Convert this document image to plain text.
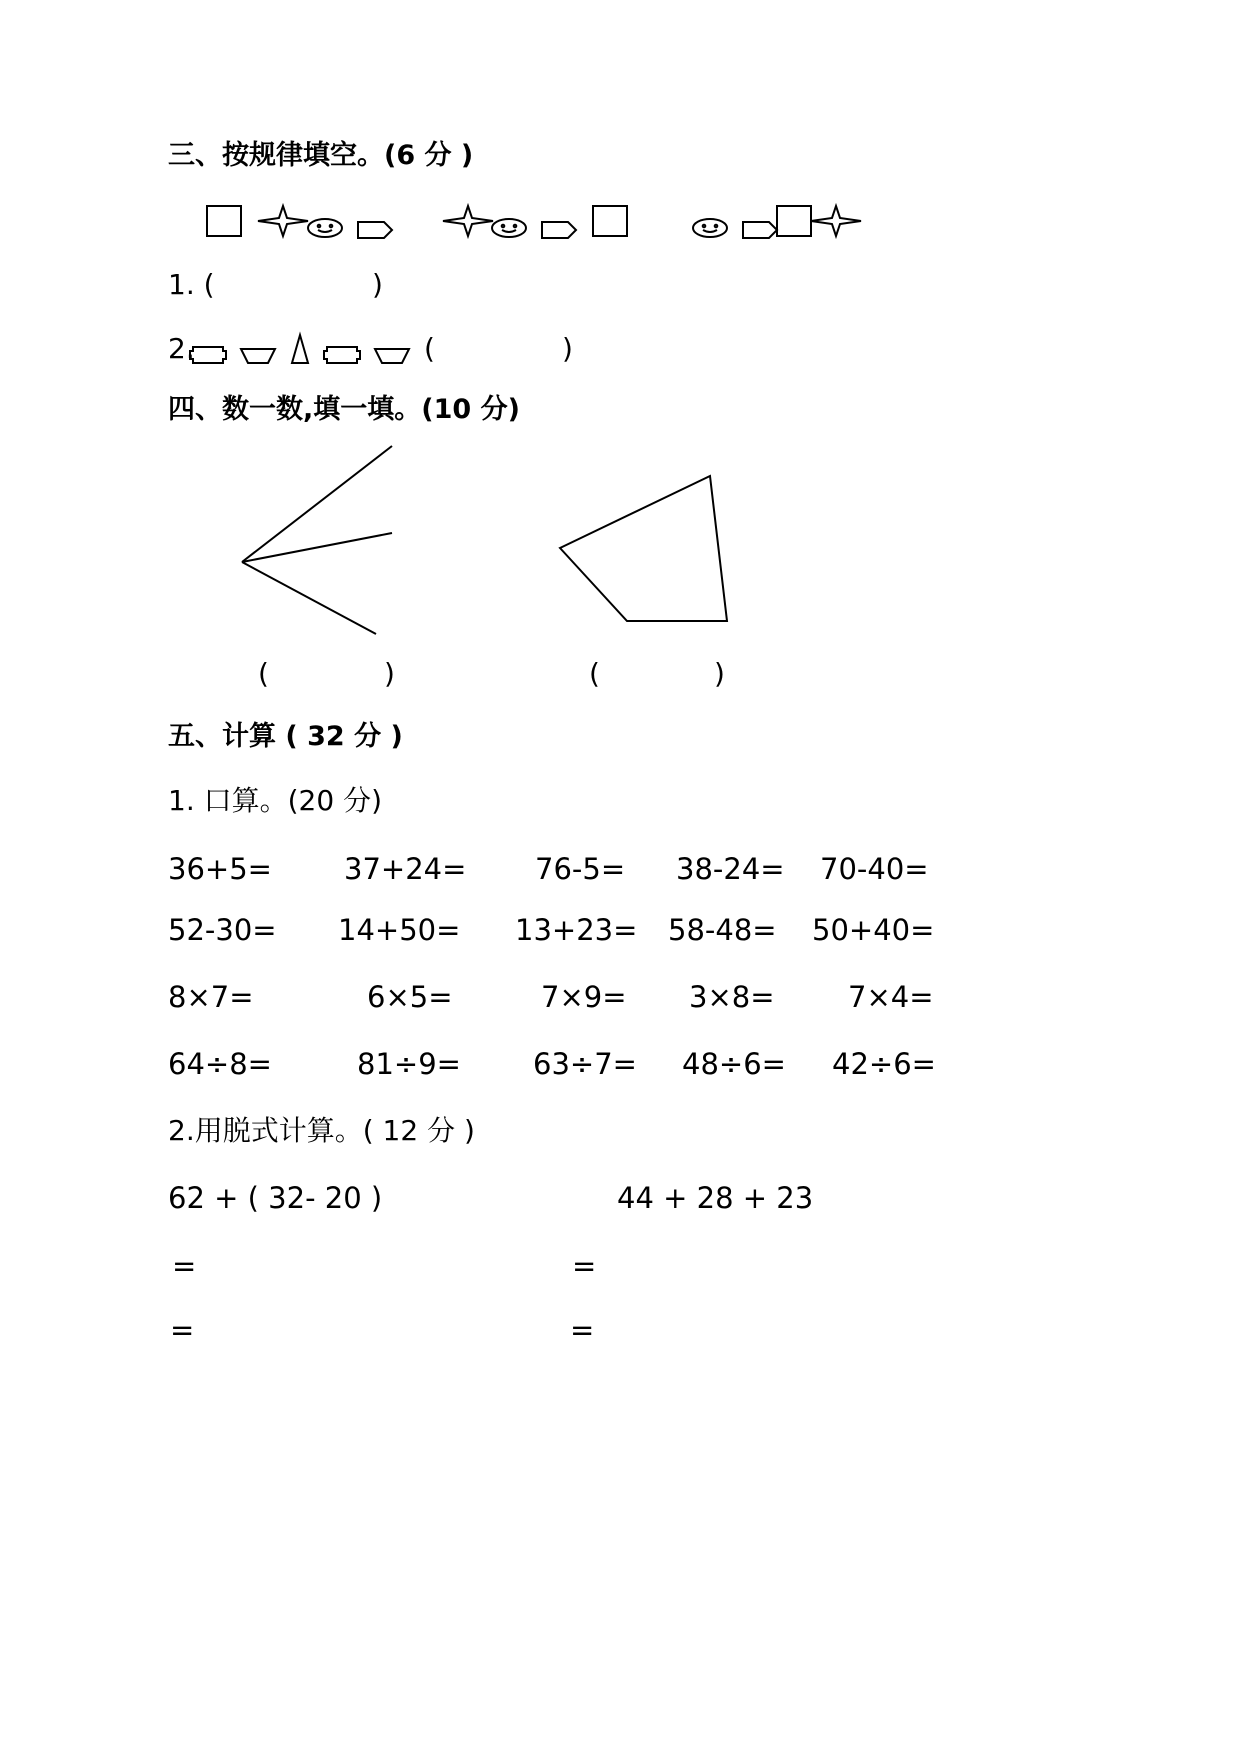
三、按规律填空。(6 分 )
1. (	)
2.	(	)
四、数一数,填一填。(10 分)
(	)	(	)
五、计算 ( 32 分 )
1. 口算。(20 分)
36+5= 37+24= 76-5= 38-24= 70-40=
52-30= 14+50= 13+23= 58-48= 50+40=
8×7=	6×5=	7×9= 3×8=	7×4=
64÷8=	81÷9= 63÷7= 48÷6= 42÷6=
2.用脱式计算。( 12 分 )
62 + ( 32- 20 )	44 + 28 + 23
=	=
=	=
